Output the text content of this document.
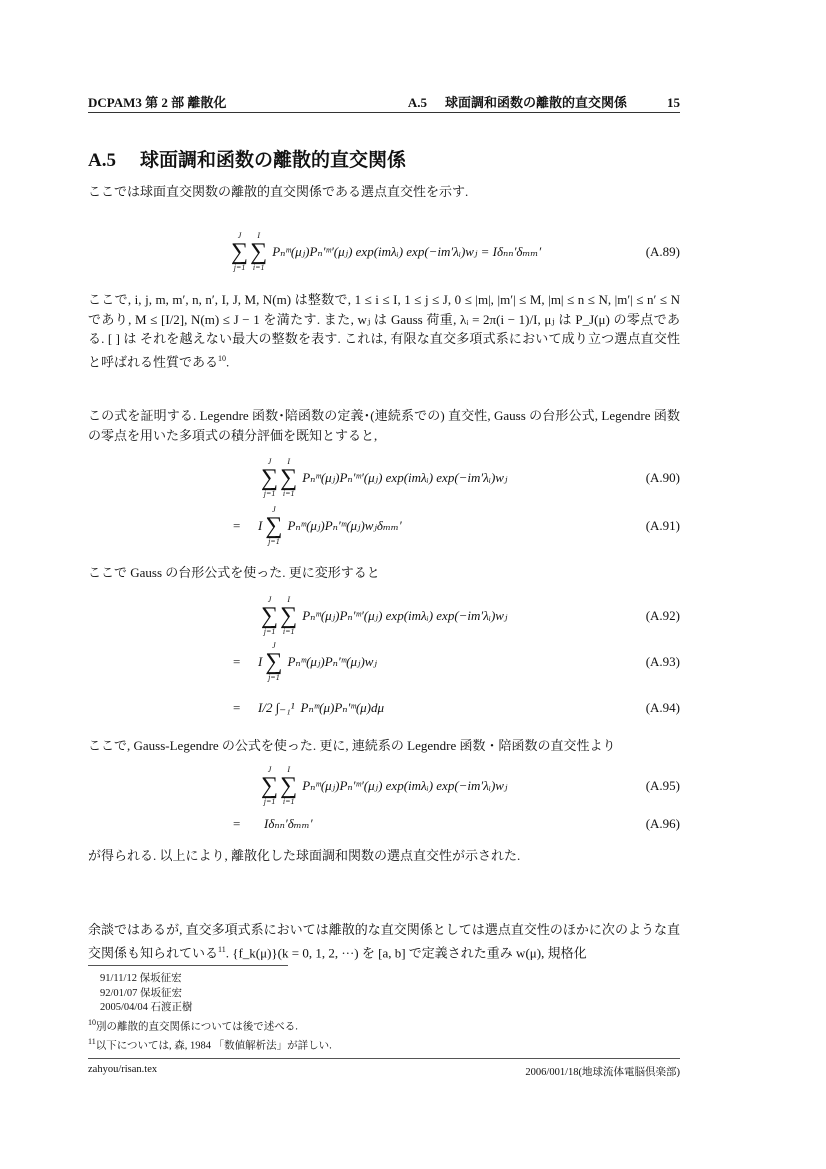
DCPAM3 第 2 部 離散化	A.5 球面調和函数の離散的直交関係	15
A.5 球面調和函数の離散的直交関係
ここでは球面直交関数の離散的直交関係である選点直交性を示す.
J
∑
j=1
I
∑
i=1
Pₙᵐ(μⱼ)Pₙ′ᵐ′(μⱼ) exp(imλᵢ) exp(−im′λᵢ)wⱼ = Iδₙₙ′δₘₘ′	(A.89)
ここで, i, j, m, m′, n, n′, I, J, M, N(m) は整数で, 1 ≤ i ≤ I, 1 ≤ j ≤ J, 0 ≤ |m|, |m′| ≤ M, |m| ≤ n ≤ N, |m′| ≤ n′ ≤ N であり, M ≤ [I/2], N(m) ≤ J − 1 を満たす. また, wⱼ は Gauss 荷重, λᵢ = 2π(i − 1)/I, μⱼ は P_J(μ) の零点である. [ ] は それを越えない最大の整数を表す. これは, 有限な直交多項式系において成り立つ選点直交性と呼ばれる性質である$^{10}$.
この式を証明する. Legendre 函数･陪函数の定義･(連続系での) 直交性, Gauss の台形公式, Legendre 函数の零点を用いた多項式の積分評価を既知とすると,
J
∑
j=1
I
∑
i=1
Pₙᵐ(μⱼ)Pₙ′ᵐ′(μⱼ) exp(imλᵢ) exp(−im′λᵢ)wⱼ	(A.90)
= I
J
∑
j=1
Pₙᵐ(μⱼ)Pₙ′ᵐ(μⱼ)wⱼδₘₘ′	(A.91)
ここで Gauss の台形公式を使った. 更に変形すると
J
∑
j=1
I
∑
i=1
Pₙᵐ(μⱼ)Pₙ′ᵐ′(μⱼ) exp(imλᵢ) exp(−im′λᵢ)wⱼ	(A.92)
= I
J
∑
j=1
Pₙᵐ(μⱼ)Pₙ′ᵐ(μⱼ)wⱼ	(A.93)
= I/2 ∫₋₁¹ Pₙᵐ(μ)Pₙ′ᵐ(μ)dμ	(A.94)
ここで, Gauss-Legendre の公式を使った. 更に, 連続系の Legendre 函数・陪函数の直交性より
J
∑
j=1
I
∑
i=1
Pₙᵐ(μⱼ)Pₙ′ᵐ′(μⱼ) exp(imλᵢ) exp(−im′λᵢ)wⱼ	(A.95)
= Iδₙₙ′δₘₘ′	(A.96)
が得られる. 以上により, 離散化した球面調和関数の選点直交性が示された.
余談ではあるが, 直交多項式系においては離散的な直交関係としては選点直交性のほかに次のような直交関係も知られている$^{11}$. {f_k(μ)}(k = 0, 1, 2, ···) を [a, b] で定義された重み w(μ), 規格化
91/11/12 保坂征宏
92/01/07 保坂征宏
2005/04/04 石渡正樹
$^{10}$別の離散的直交関係については後で述べる.
$^{11}$以下については, 森, 1984 「数値解析法」が詳しい.
zahyou/risan.tex	2006/001/18(地球流体電脳倶楽部)
